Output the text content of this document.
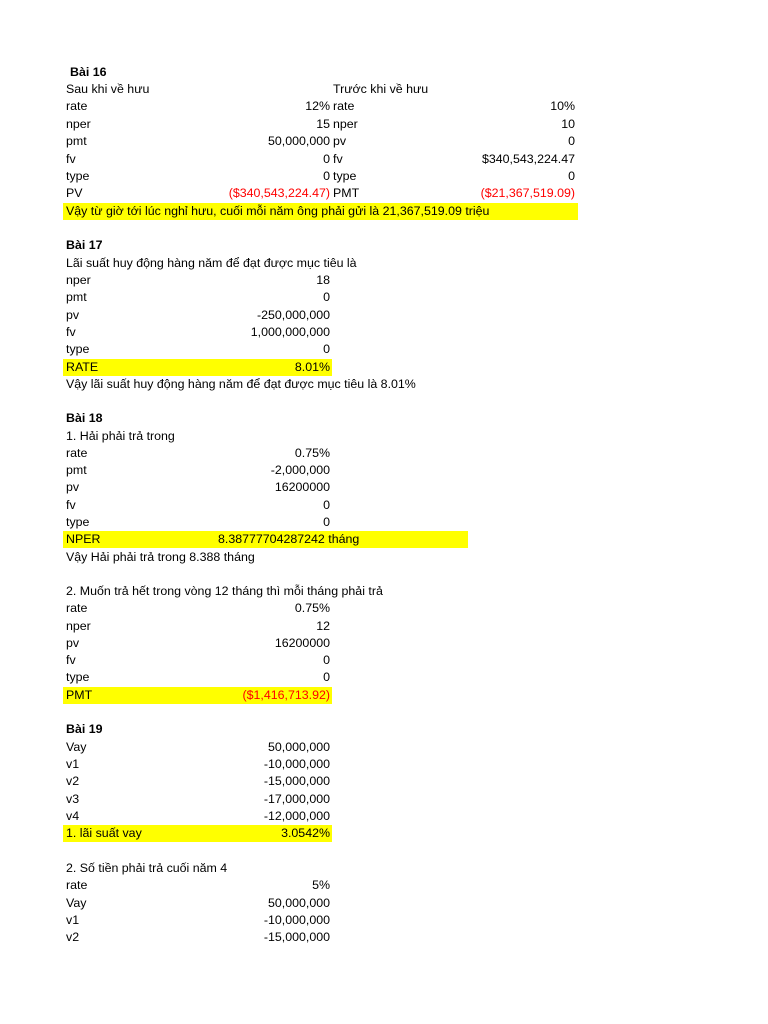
Bài 16
Sau khi về hưu	Trước khi về hưu
rate	12% rate	10%
nper	15 nper	10
pmt	50,000,000 pv	0
fv	0 fv	$340,543,224.47
type	0 type	0
PV	($340,543,224.47) PMT	($21,367,519.09)
Vậy từ giờ tới lúc nghỉ hưu, cuối mỗi năm ông phải gửi là 21,367,519.09 triệu
Bài 17
Lãi suất huy động hàng năm để đạt được mục tiêu là
nper	18
pmt	0
pv	-250,000,000
fv	1,000,000,000
type	0
RATE	8.01%
Vậy lãi suất huy động hàng năm để đạt được mục tiêu là 8.01%
Bài 18
1. Hải phải trả trong
rate	0.75%
pmt	-2,000,000
pv	16200000
fv	0
type	0
NPER	8.38777704287242 tháng
Vậy Hải phải trả trong 8.388 tháng
2. Muốn trả hết trong vòng 12 tháng thì mỗi tháng phải trả
rate	0.75%
nper	12
pv	16200000
fv	0
type	0
PMT	($1,416,713.92)
Bài 19
Vay	50,000,000
v1	-10,000,000
v2	-15,000,000
v3	-17,000,000
v4	-12,000,000
1. lãi suất vay	3.0542%
2. Số tiền phải trả cuối năm 4
rate	5%
Vay	50,000,000
v1	-10,000,000
v2	-15,000,000
